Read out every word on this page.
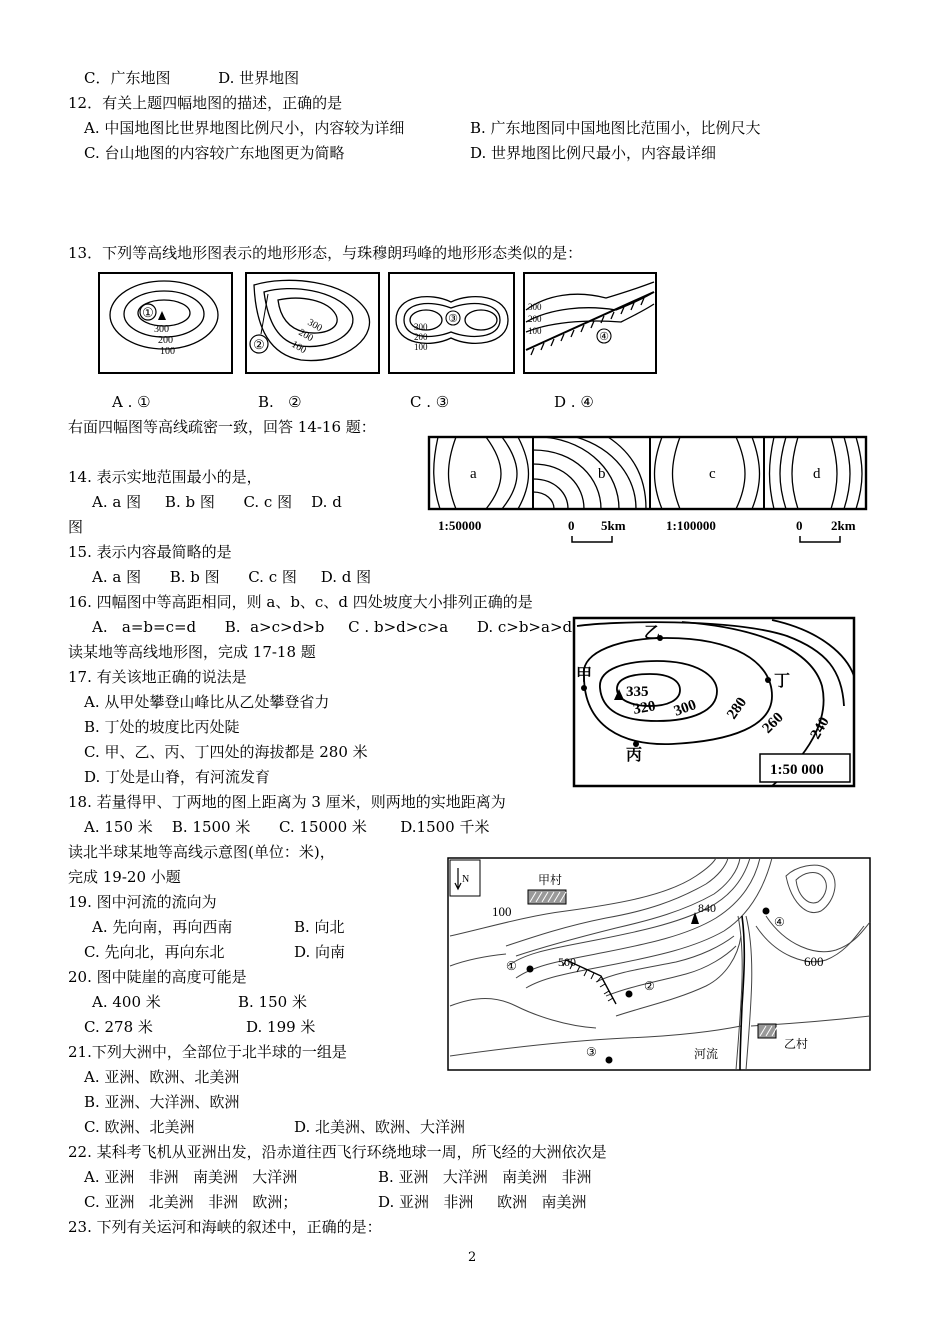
C．广东地图          D. 世界地图
12．有关上题四幅地图的描述，正确的是
A. 中国地图比世界地图比例尺小，内容较为详细	B. 广东地图同中国地图比范围小，比例尺大
C. 台山地图的内容较广东地图更为简略	D. 世界地图比例尺最小，内容最详细
13．下列等高线地形图表示的地形形态，与珠穆朗玛峰的地形形态类似的是：
①
300
200
100	②
300
200
100
③
300
200
100
④
300
200
100
A . ①	B.   ②	C . ③	D . ④
右面四幅图等高线疏密一致，回答 14-16 题：
a	b	c	d
1:50000	0 5km	1:100000	0 2km
14. 表示实地范围最小的是，
A. a 图     B. b 图      C. c 图    D. d
图
15. 表示内容最简略的是
A. a 图      B. b 图      C. c 图     D. d 图
16. 四幅图中等高距相同，则 a、b、c、d 四处坡度大小排列正确的是
A.   a=b=c=d      B.  a>c>d>b     C . b>d>c>a      D. c>b>a>d
读某地等高线地形图，完成 17-18 题
乙
甲
丙
丁
335
320 300 280
260 240
1:50 000
17. 有关该地正确的说法是
A. 从甲处攀登山峰比从乙处攀登省力
B. 丁处的坡度比丙处陡
C. 甲、乙、丙、丁四处的海拔都是 280 米
D. 丁处是山脊，有河流发育
18. 若量得甲、丁两地的图上距离为 3 厘米，则两地的实地距离为
A. 150 米    B. 1500 米      C. 15000 米       D.1500 千米
读北半球某地等高线示意图(单位：米)，
完成 19-20 小题	N	甲村
100	840
500	600
①
②
③
④
乙村
河流
19. 图中河流的流向为
A. 先向南，再向西南	B. 向北
C. 先向北，再向东北	D. 向南
20. 图中陡崖的高度可能是
A. 400 米	B. 150 米
C. 278 米	D. 199 米
21.下列大洲中，全部位于北半球的一组是
A. 亚洲、欧洲、北美洲
B. 亚洲、大洋洲、欧洲
C. 欧洲、北美洲	D. 北美洲、欧洲、大洋洲
22. 某科考飞机从亚洲出发，沿赤道往西飞行环绕地球一周，所飞经的大洲依次是
A. 亚洲   非洲   南美洲   大洋洲	B. 亚洲   大洋洲   南美洲   非洲
C. 亚洲   北美洲   非洲   欧洲；	D. 亚洲   非洲     欧洲   南美洲
23. 下列有关运河和海峡的叙述中，正确的是：
2
